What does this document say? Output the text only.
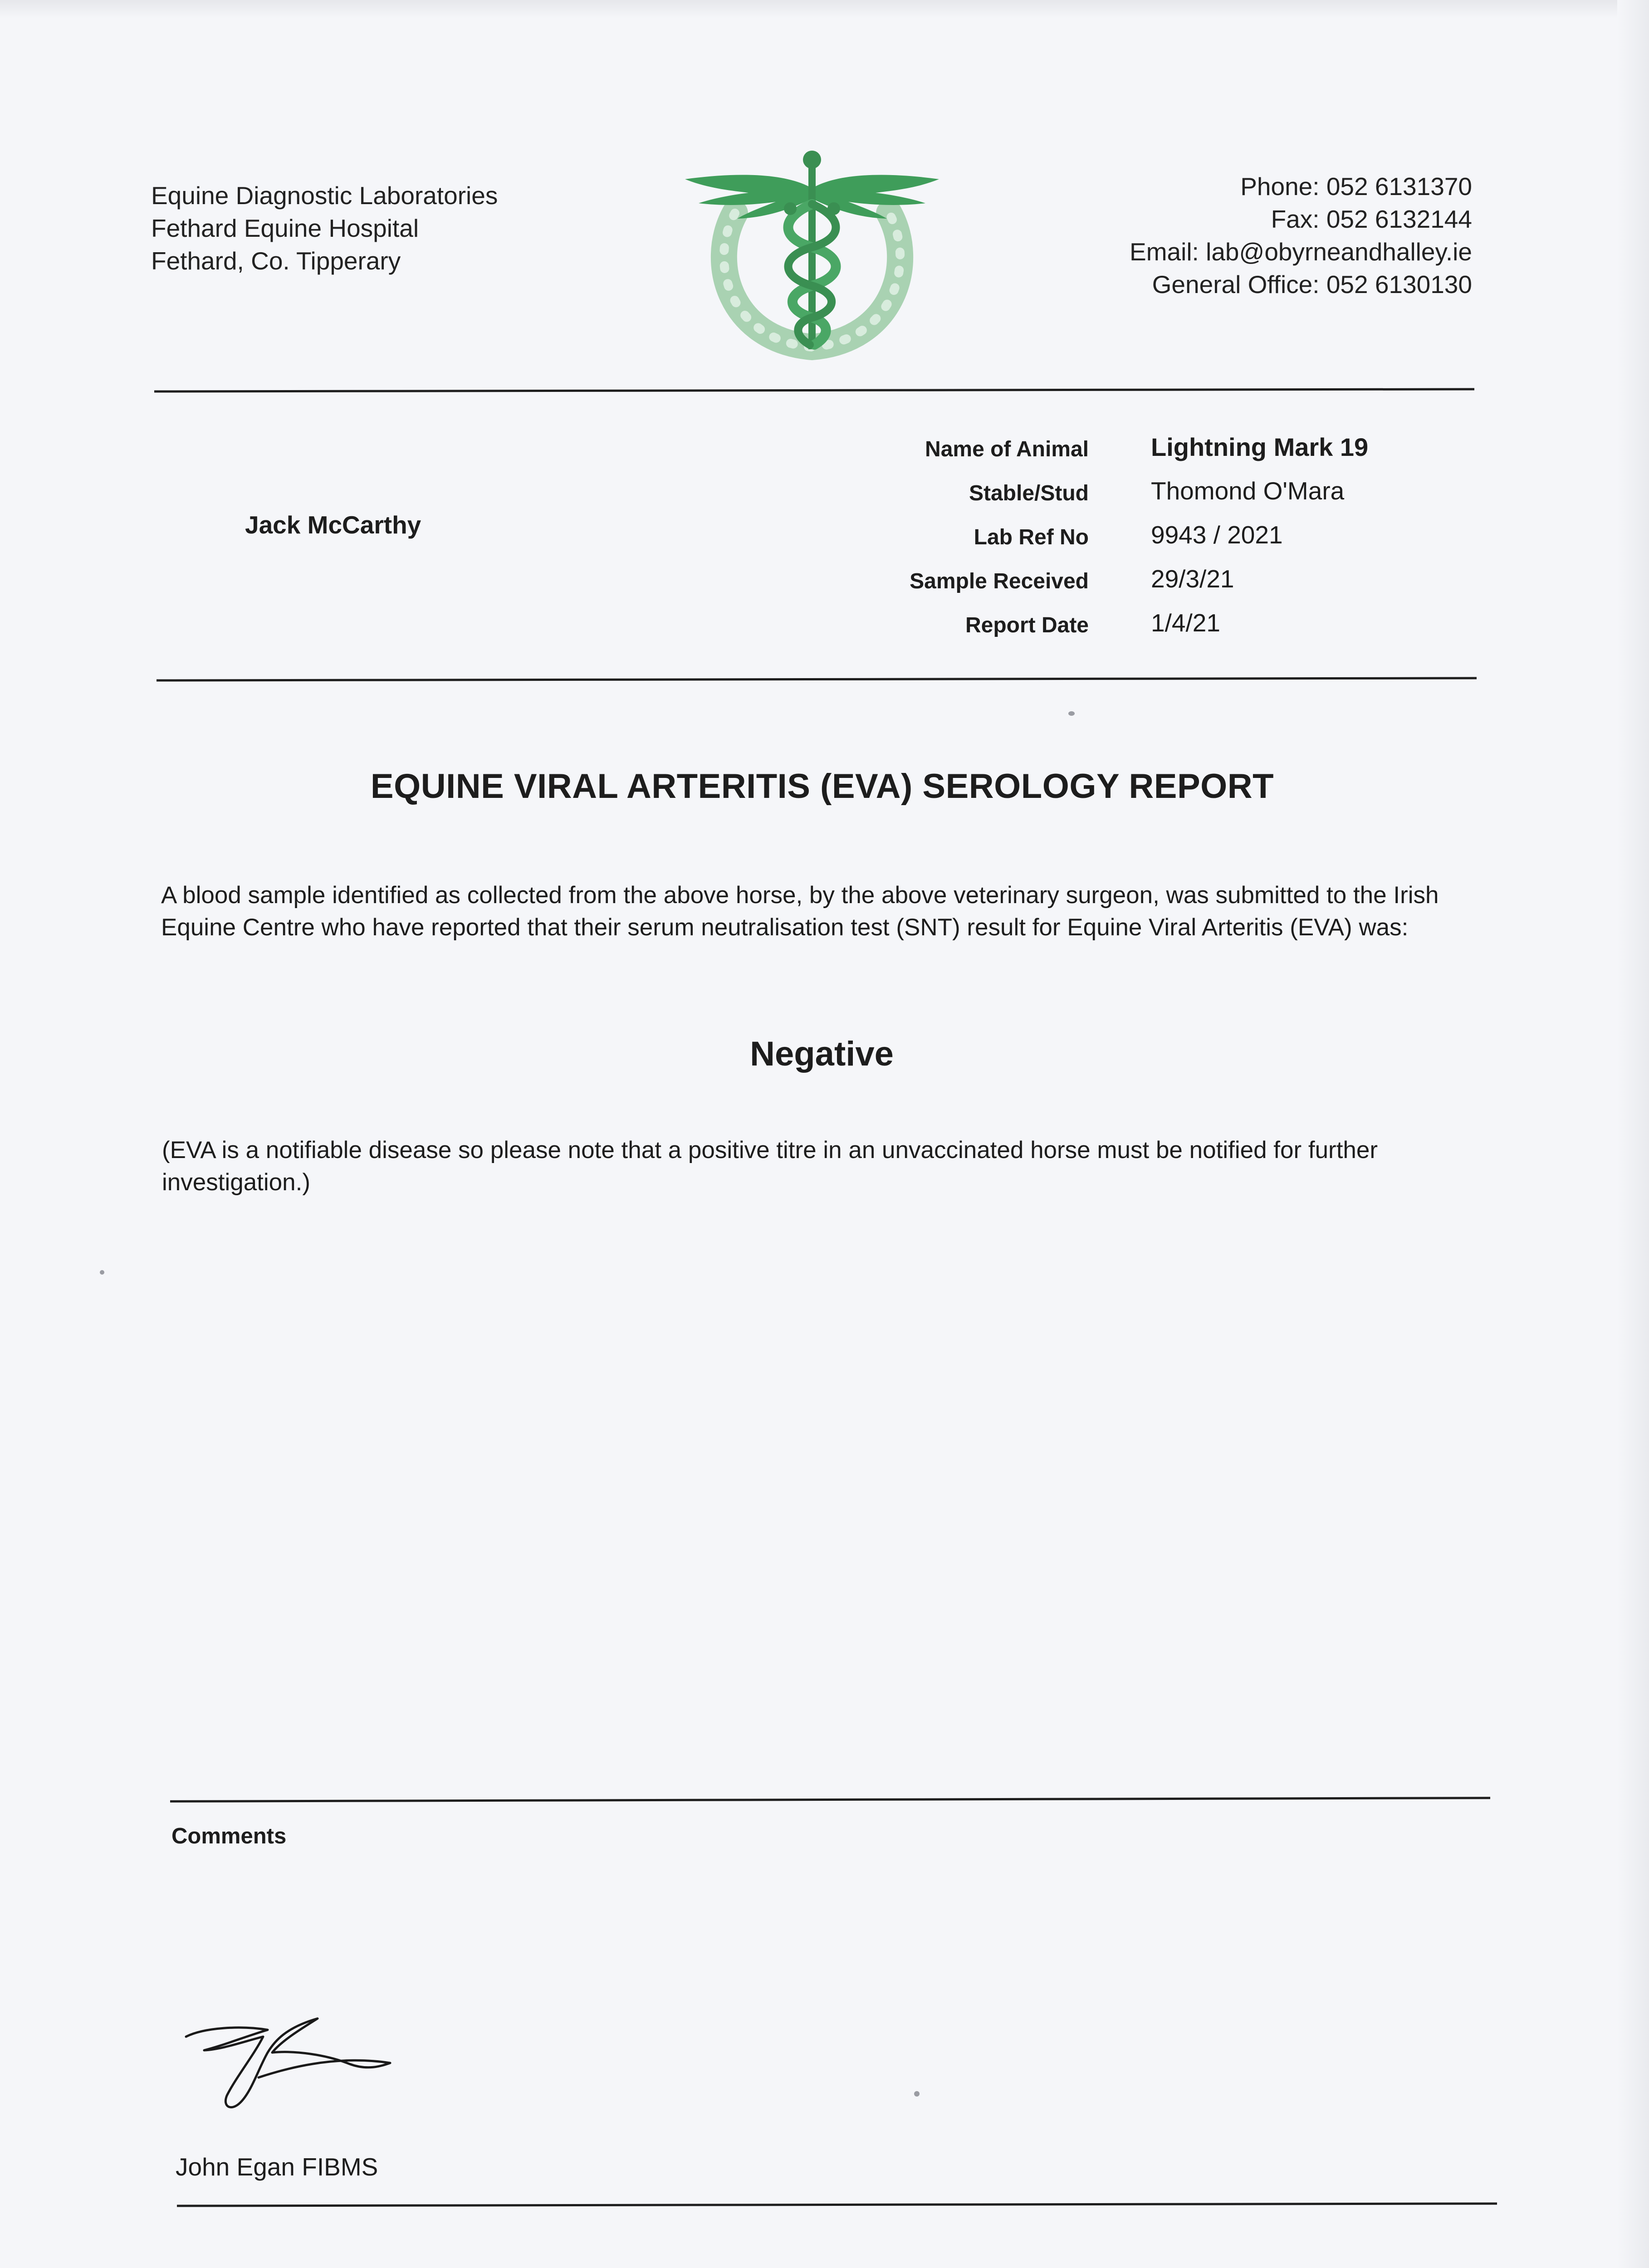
Equine Diagnostic Laboratories
Fethard Equine Hospital
Fethard, Co. Tipperary
Phone: 052 6131370
Fax: 052 6132144
Email: lab@obyrneandhalley.ie
General Office: 052 6130130
Jack McCarthy
Name of Animal Lightning Mark 19
Stable/Stud Thomond O'Mara
Lab Ref No 9943 / 2021
Sample Received 29/3/21
Report Date 1/4/21
EQUINE VIRAL ARTERITIS (EVA) SEROLOGY REPORT
A blood sample identified as collected from the above horse, by the above veterinary surgeon, was submitted to the Irish Equine Centre who have reported that their serum neutralisation test (SNT) result for Equine Viral Arteritis (EVA) was:
Negative
(EVA is a notifiable disease so please note that a positive titre in an unvaccinated horse must be notified for further investigation.)
Comments
John Egan FIBMS
